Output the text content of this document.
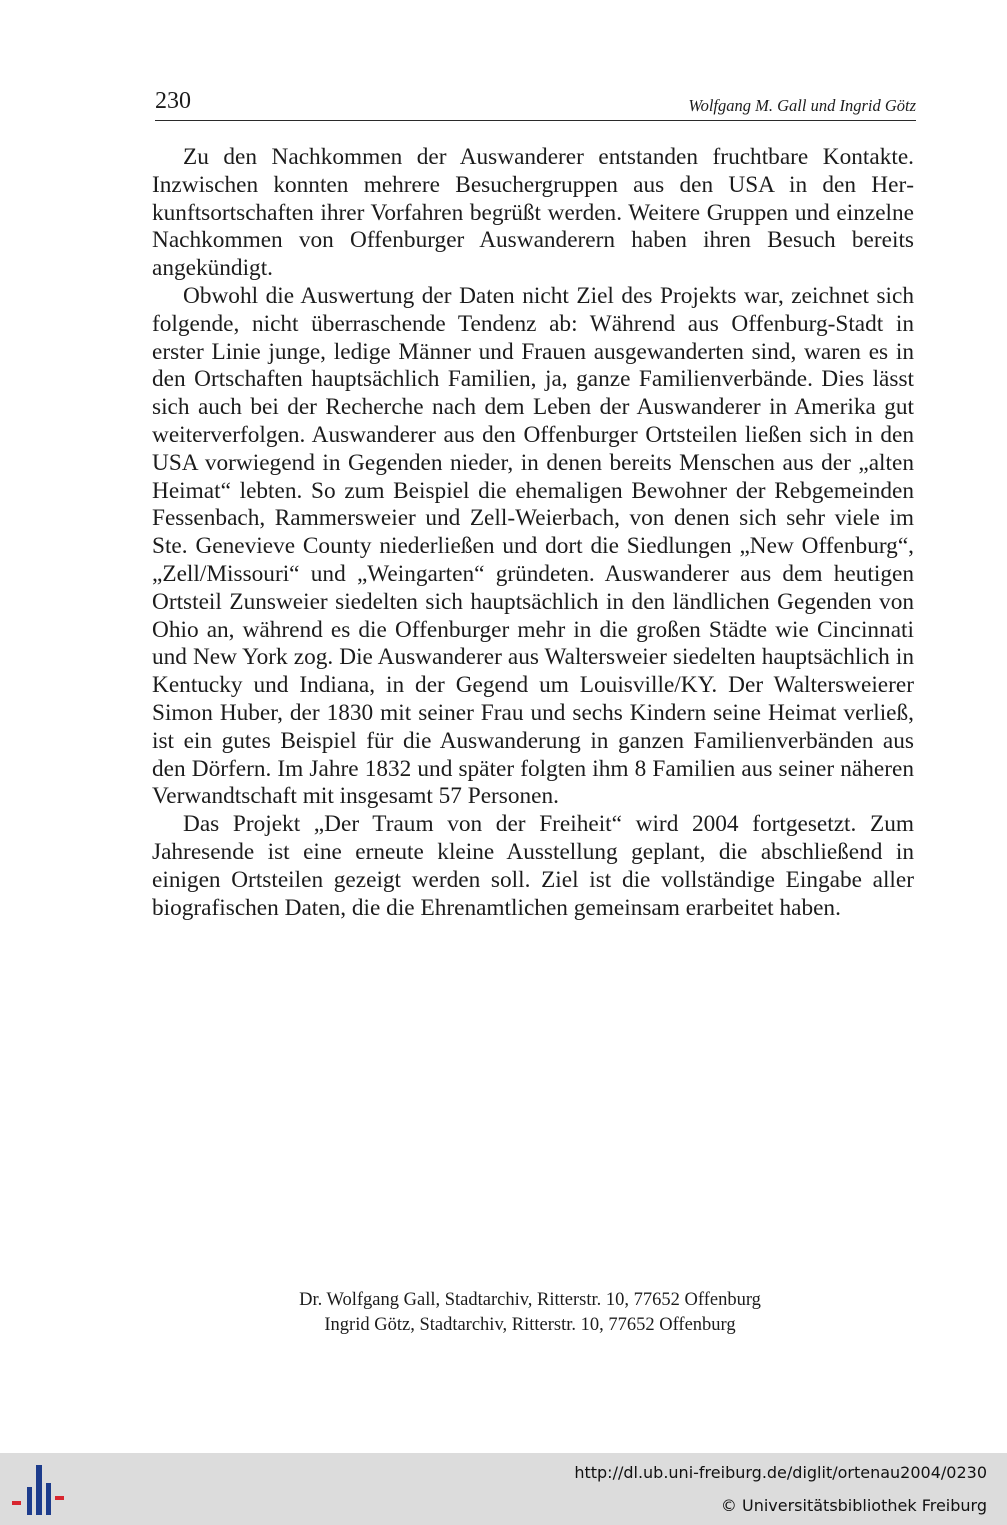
230	Wolfgang M. Gall und Ingrid Götz

Zu den Nachkommen der Auswanderer entstanden fruchtbare Kontakte. Inzwischen konnten mehrere Besuchergruppen aus den USA in den Herkunftsortschaften ihrer Vorfahren begrüßt werden. Weitere Gruppen und einzelne Nachkommen von Offenburger Auswanderern haben ihren Besuch bereits angekündigt.

Obwohl die Auswertung der Daten nicht Ziel des Projekts war, zeichnet sich folgende, nicht überraschende Tendenz ab: Während aus Offenburg-Stadt in erster Linie junge, ledige Männer und Frauen ausgewanderten sind, waren es in den Ortschaften hauptsächlich Familien, ja, ganze Familienverbände. Dies lässt sich auch bei der Recherche nach dem Leben der Auswanderer in Amerika gut weiterverfolgen. Auswanderer aus den Offenburger Ortsteilen ließen sich in den USA vorwiegend in Gegenden nieder, in denen bereits Menschen aus der „alten Heimat“ lebten. So zum Beispiel die ehemaligen Bewohner der Rebgemeinden Fessenbach, Rammersweier und Zell-Weierbach, von denen sich sehr viele im Ste. Genevieve County niederließen und dort die Siedlungen „New Offenburg“, „Zell/Missouri“ und „Weingarten“ gründeten. Auswanderer aus dem heutigen Ortsteil Zunsweier siedelten sich hauptsächlich in den ländlichen Gegenden von Ohio an, während es die Offenburger mehr in die großen Städte wie Cincinnati und New York zog. Die Auswanderer aus Waltersweier siedelten hauptsächlich in Kentucky und Indiana, in der Gegend um Louisville/KY. Der Waltersweierer Simon Huber, der 1830 mit seiner Frau und sechs Kindern seine Heimat verließ, ist ein gutes Beispiel für die Auswanderung in ganzen Familienverbänden aus den Dörfern. Im Jahre 1832 und später folgten ihm 8 Familien aus seiner näheren Verwandtschaft mit insgesamt 57 Personen.

Das Projekt „Der Traum von der Freiheit“ wird 2004 fortgesetzt. Zum Jahresende ist eine erneute kleine Ausstellung geplant, die abschließend in einigen Ortsteilen gezeigt werden soll. Ziel ist die vollständige Eingabe aller biografischen Daten, die die Ehrenamtlichen gemeinsam erarbeitet haben.

Dr. Wolfgang Gall, Stadtarchiv, Ritterstr. 10, 77652 Offenburg
Ingrid Götz, Stadtarchiv, Ritterstr. 10, 77652 Offenburg
http://dl.ub.uni-freiburg.de/diglit/ortenau2004/0230
© Universitätsbibliothek Freiburg
